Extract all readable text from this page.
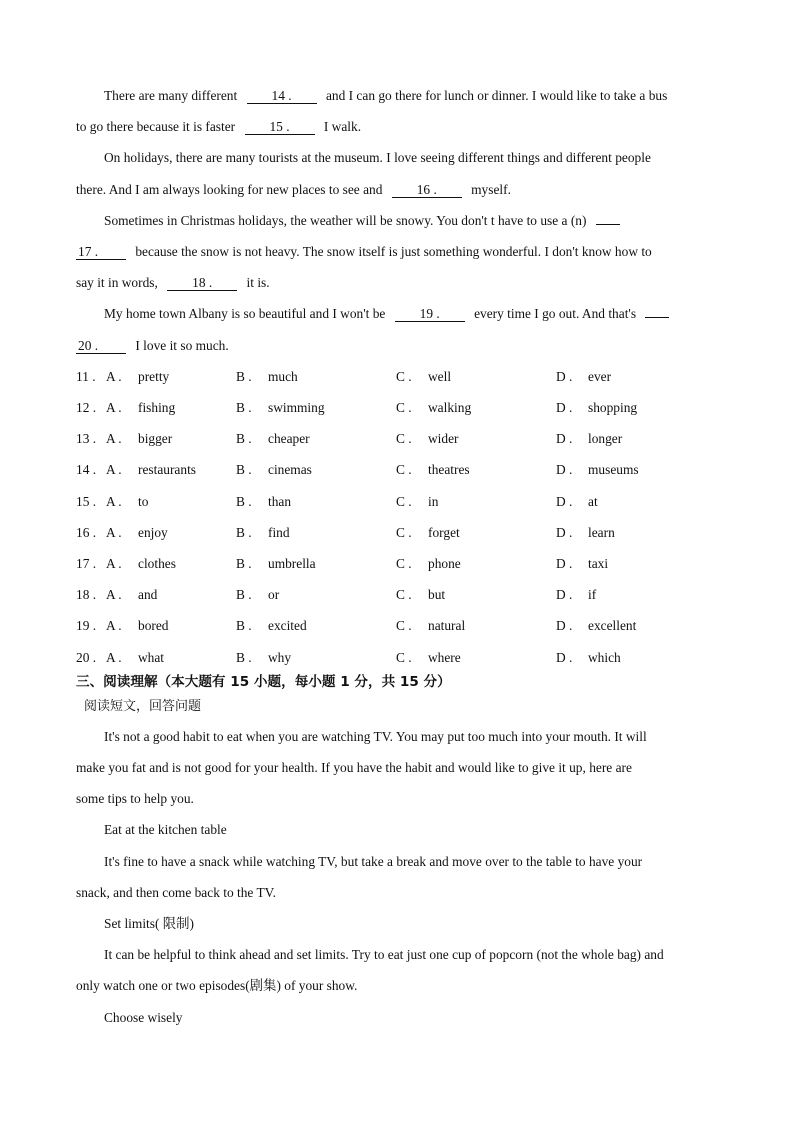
There are many different	14 .	and I can go there for lunch or dinner. I would like to take a bus
to go there because it is faster	15 .	I walk.
On holidays, there are many tourists at the museum. I love seeing different things and different people
there. And I am always looking for new places to see and	16 .	myself.
Sometimes in Christmas holidays, the weather will be snowy. You don't t have to use a (n)
17 .	because the snow is not heavy. The snow itself is just something wonderful. I don't know how to
say it in words,	18 .	it is.
My home town Albany is so beautiful and I won't be	19 .	every time I go out. And that's
20 .	I love it so much.
11 . A .	pretty	B .	much	C .	well	D .	ever
12 . A .	fishing	B .	swimming	C .	walking	D .	shopping
13 . A .	bigger	B .	cheaper	C .	wider	D .	longer
14 . A .	restaurants	B .	cinemas	C .	theatres	D .	museums
15 . A .	to	B .	than	C .	in	D .	at
16 . A .	enjoy	B .	find	C .	forget	D .	learn
17 . A .	clothes	B .	umbrella	C .	phone	D .	taxi
18 . A .	and	B .	or	C .	but	D .	if
19 . A .	bored	B .	excited	C .	natural	D .	excellent
20 . A .	what	B .	why	C .	where	D .	which
三、阅读理解（本大题有 15 小题，每小题 1 分，共 15 分）
阅读短文，回答问题
It's not a good habit to eat when you are watching TV. You may put too much into your mouth. It will
make you fat and is not good for your health. If you have the habit and would like to give it up, here are
some tips to help you.
Eat at the kitchen table
It's fine to have a snack while watching TV, but take a break and move over to the table to have your
snack, and then come back to the TV.
Set limits( 限制)
It can be helpful to think ahead and set limits. Try to eat just one cup of popcorn (not the whole bag) and
only watch one or two episodes(剧集) of your show.
Choose wisely
